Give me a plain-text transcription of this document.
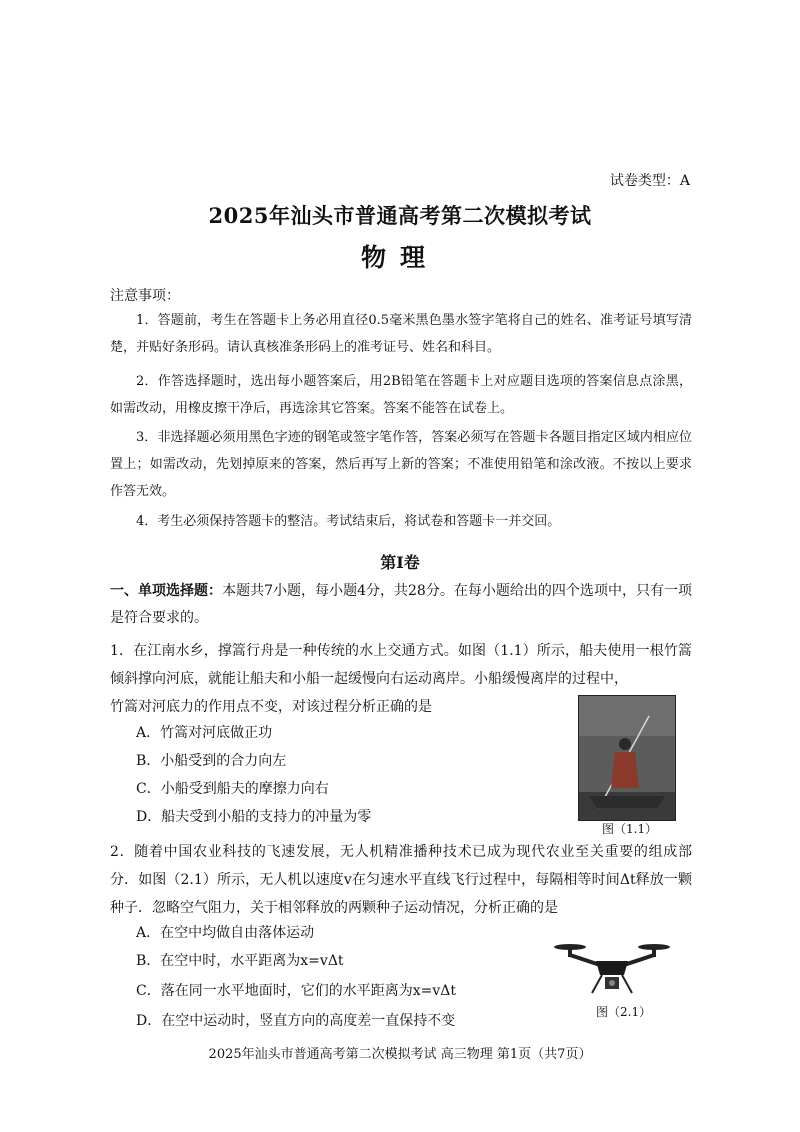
试卷类型：A
2025年汕头市普通高考第二次模拟考试
物理
注意事项：
1．答题前，考生在答题卡上务必用直径0.5毫米黑色墨水签字笔将自己的姓名、准考证号填写清楚，并贴好条形码。请认真核准条形码上的准考证号、姓名和科目。
2．作答选择题时，选出每小题答案后，用2B铅笔在答题卡上对应题目选项的答案信息点涂黑，如需改动，用橡皮擦干净后，再选涂其它答案。答案不能答在试卷上。
3．非选择题必须用黑色字迹的钢笔或签字笔作答，答案必须写在答题卡各题目指定区域内相应位置上；如需改动，先划掉原来的答案，然后再写上新的答案；不准使用铅笔和涂改液。不按以上要求作答无效。
4．考生必须保持答题卡的整洁。考试结束后，将试卷和答题卡一并交回。
第Ⅰ卷
一、单项选择题：本题共7小题，每小题4分，共28分。在每小题给出的四个选项中，只有一项是符合要求的。
1．在江南水乡，撑篙行舟是一种传统的水上交通方式。如图（1.1）所示，船夫使用一根竹篙倾斜撑向河底，就能让船夫和小船一起缓慢向右运动离岸。小船缓慢离岸的过程中，
竹篙对河底力的作用点不变，对该过程分析正确的是
A．竹篙对河底做正功
B．小船受到的合力向左
C．小船受到船夫的摩擦力向右
D．船夫受到小船的支持力的冲量为零
图（1.1）
2．随着中国农业科技的飞速发展，无人机精准播种技术已成为现代农业至关重要的组成部分．如图（2.1）所示，无人机以速度v在匀速水平直线飞行过程中，每隔相等时间Δt释放一颗种子．忽略空气阻力，关于相邻释放的两颗种子运动情况，分析正确的是
A．在空中均做自由落体运动
B．在空中时，水平距离为x=vΔt
C．落在同一水平地面时，它们的水平距离为x=vΔt
D．在空中运动时，竖直方向的高度差一直保持不变
图（2.1）
2025年汕头市普通高考第二次模拟考试 高三物理 第1页（共7页）
